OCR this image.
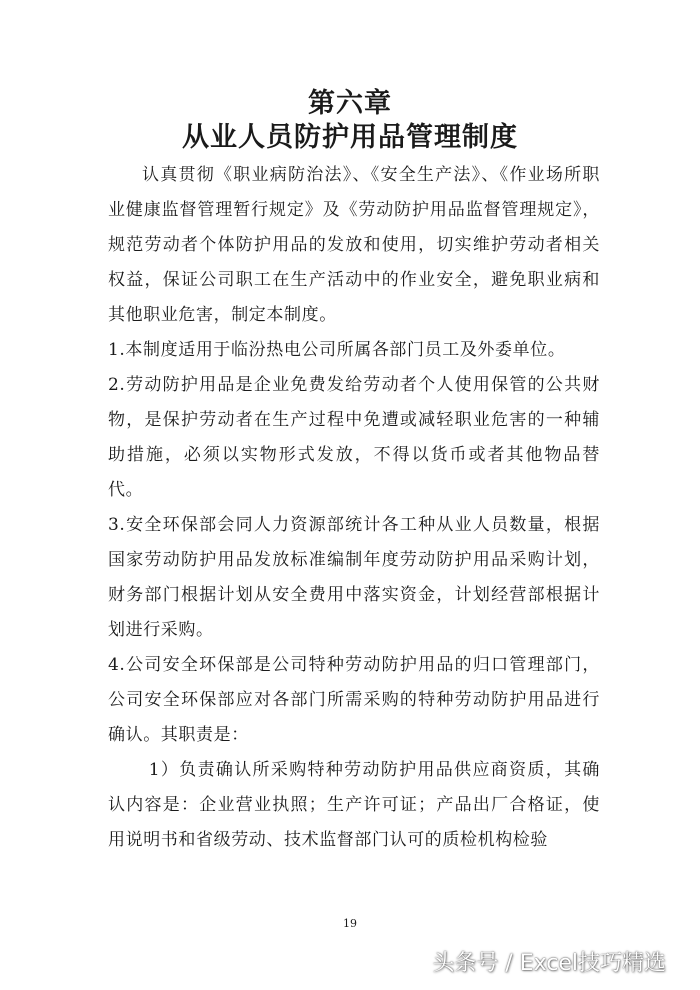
第六章
从业人员防护用品管理制度

认真贯彻《职业病防治法》、《安全生产法》、《作业场所职业健康监督管理暂行规定》及《劳动防护用品监督管理规定》，规范劳动者个体防护用品的发放和使用，切实维护劳动者相关权益，保证公司职工在生产活动中的作业安全，避免职业病和其他职业危害，制定本制度。

1.本制度适用于临汾热电公司所属各部门员工及外委单位。

2.劳动防护用品是企业免费发给劳动者个人使用保管的公共财物，是保护劳动者在生产过程中免遭或减轻职业危害的一种辅助措施，必须以实物形式发放，不得以货币或者其他物品替代。

3.安全环保部会同人力资源部统计各工种从业人员数量，根据国家劳动防护用品发放标准编制年度劳动防护用品采购计划，财务部门根据计划从安全费用中落实资金，计划经营部根据计划进行采购。

4.公司安全环保部是公司特种劳动防护用品的归口管理部门，公司安全环保部应对各部门所需采购的特种劳动防护用品进行确认。其职责是：

1）负责确认所采购特种劳动防护用品供应商资质，其确认内容是：企业营业执照；生产许可证；产品出厂合格证，使用说明书和省级劳动、技术监督部门认可的质检机构检验

19
头条号 / Excel技巧精选
